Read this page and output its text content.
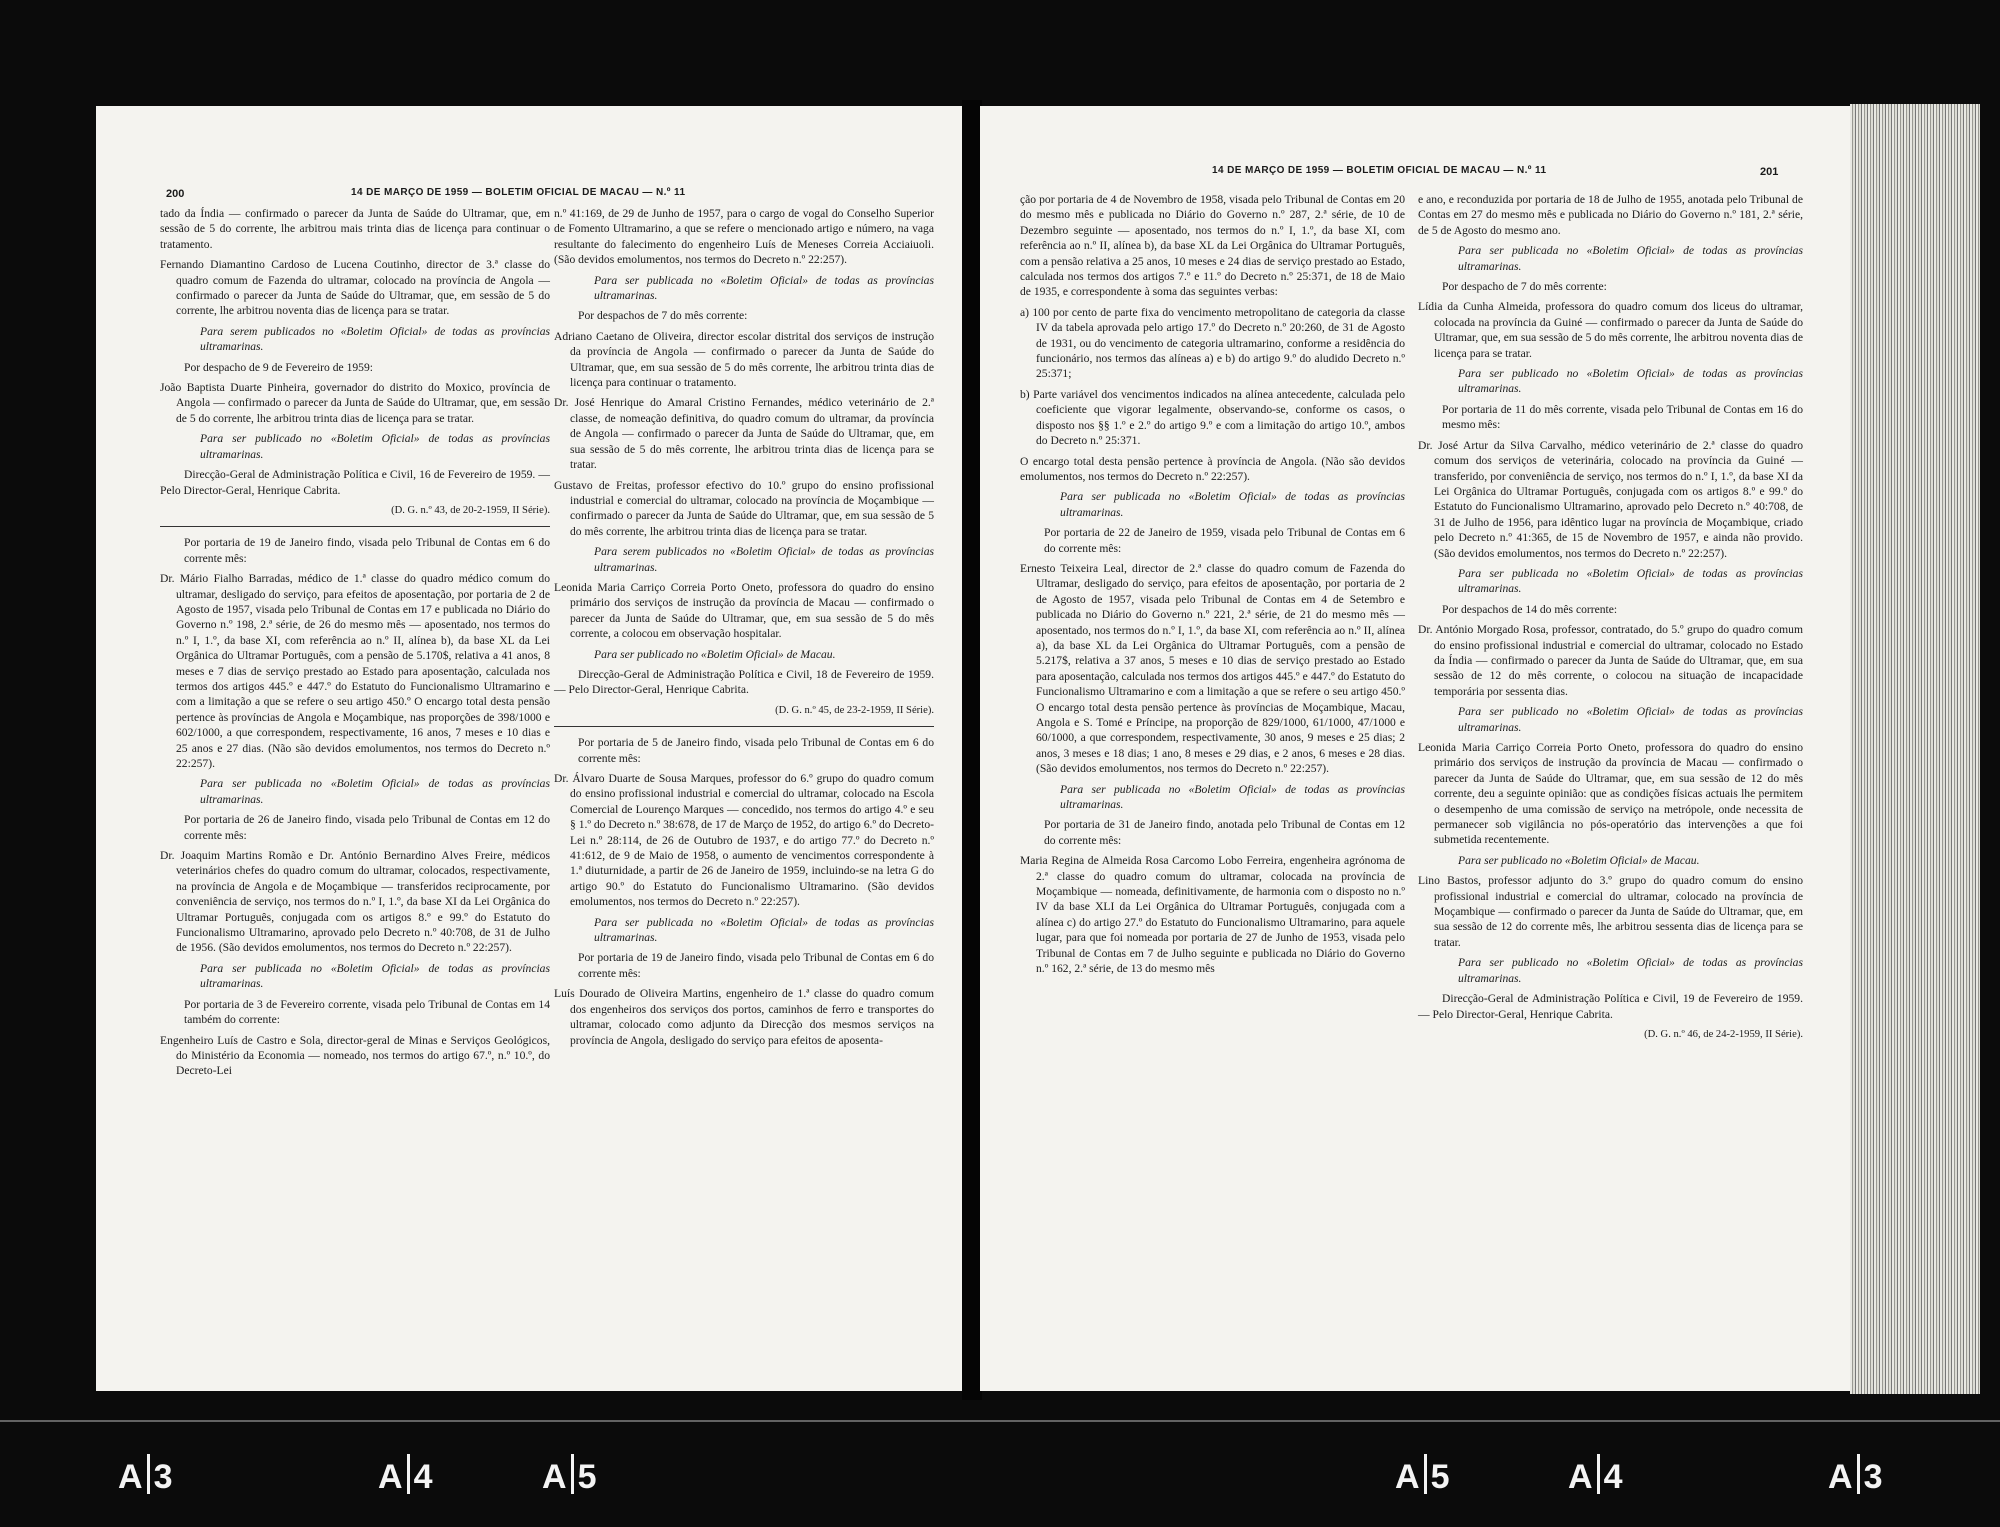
200	14 DE MARÇO DE 1959 — BOLETIM OFICIAL DE MACAU — N.º 11

tado da Índia — confirmado o parecer da Junta de Saúde do Ultramar, que, em sessão de 5 do corrente, lhe arbitrou mais trinta dias de licença para continuar o tratamento.

Fernando Diamantino Cardoso de Lucena Coutinho, director de 3.ª classe do quadro comum de Fazenda do ultramar, colocado na província de Angola — confirmado o parecer da Junta de Saúde do Ultramar, que, em sessão de 5 do corrente, lhe arbitrou noventa dias de licença para se tratar.

Para serem publicados no «Boletim Oficial» de todas as províncias ultramarinas.

Por despacho de 9 de Fevereiro de 1959:

João Baptista Duarte Pinheira, governador do distrito do Moxico, província de Angola — confirmado o parecer da Junta de Saúde do Ultramar, que, em sessão de 5 do corrente, lhe arbitrou trinta dias de licença para se tratar.

Para ser publicado no «Boletim Oficial» de todas as províncias ultramarinas.

Direcção-Geral de Administração Política e Civil, 16 de Fevereiro de 1959. — Pelo Director-Geral, Henrique Cabrita.

(D. G. n.º 43, de 20-2-1959, II Série).

Por portaria de 19 de Janeiro findo, visada pelo Tribunal de Contas em 6 do corrente mês:

Dr. Mário Fialho Barradas, médico de 1.ª classe do quadro médico comum do ultramar, desligado do serviço, para efeitos de aposentação, por portaria de 2 de Agosto de 1957, visada pelo Tribunal de Contas em 17 e publicada no Diário do Governo n.º 198, 2.ª série, de 26 do mesmo mês — aposentado, nos termos do n.º I, 1.º, da base XI, com referência ao n.º II, alínea b), da base XL da Lei Orgânica do Ultramar Português, com a pensão de 5.170$, relativa a 41 anos, 8 meses e 7 dias de serviço prestado ao Estado para aposentação, calculada nos termos dos artigos 445.º e 447.º do Estatuto do Funcionalismo Ultramarino e com a limitação a que se refere o seu artigo 450.º O encargo total desta pensão pertence às províncias de Angola e Moçambique, nas proporções de 398/1000 e 602/1000, a que correspondem, respectivamente, 16 anos, 7 meses e 10 dias e 25 anos e 27 dias. (Não são devidos emolumentos, nos termos do Decreto n.º 22:257).

Para ser publicada no «Boletim Oficial» de todas as províncias ultramarinas.

Por portaria de 26 de Janeiro findo, visada pelo Tribunal de Contas em 12 do corrente mês:

Dr. Joaquim Martins Romão e Dr. António Bernardino Alves Freire, médicos veterinários chefes do quadro comum do ultramar, colocados, respectivamente, na província de Angola e de Moçambique — transferidos reciprocamente, por conveniência de serviço, nos termos do n.º I, 1.º, da base XI da Lei Orgânica do Ultramar Português, conjugada com os artigos 8.º e 99.º do Estatuto do Funcionalismo Ultramarino, aprovado pelo Decreto n.º 40:708, de 31 de Julho de 1956. (São devidos emolumentos, nos termos do Decreto n.º 22:257).

Para ser publicada no «Boletim Oficial» de todas as províncias ultramarinas.

Por portaria de 3 de Fevereiro corrente, visada pelo Tribunal de Contas em 14 também do corrente:

Engenheiro Luís de Castro e Sola, director-geral de Minas e Serviços Geológicos, do Ministério da Economia — nomeado, nos termos do artigo 67.º, n.º 10.º, do Decreto-Lei

n.º 41:169, de 29 de Junho de 1957, para o cargo de vogal do Conselho Superior de Fomento Ultramarino, a que se refere o mencionado artigo e número, na vaga resultante do falecimento do engenheiro Luís de Meneses Correia Acciaiuoli. (São devidos emolumentos, nos termos do Decreto n.º 22:257).

Para ser publicada no «Boletim Oficial» de todas as províncias ultramarinas.

Por despachos de 7 do mês corrente:

Adriano Caetano de Oliveira, director escolar distrital dos serviços de instrução da província de Angola — confirmado o parecer da Junta de Saúde do Ultramar, que, em sua sessão de 5 do mês corrente, lhe arbitrou trinta dias de licença para continuar o tratamento.

Dr. José Henrique do Amaral Cristino Fernandes, médico veterinário de 2.ª classe, de nomeação definitiva, do quadro comum do ultramar, da província de Angola — confirmado o parecer da Junta de Saúde do Ultramar, que, em sua sessão de 5 do mês corrente, lhe arbitrou trinta dias de licença para se tratar.

Gustavo de Freitas, professor efectivo do 10.º grupo do ensino profissional industrial e comercial do ultramar, colocado na província de Moçambique — confirmado o parecer da Junta de Saúde do Ultramar, que, em sua sessão de 5 do mês corrente, lhe arbitrou trinta dias de licença para se tratar.

Para serem publicados no «Boletim Oficial» de todas as províncias ultramarinas.

Leonida Maria Carriço Correia Porto Oneto, professora do quadro do ensino primário dos serviços de instrução da província de Macau — confirmado o parecer da Junta de Saúde do Ultramar, que, em sua sessão de 5 do mês corrente, a colocou em observação hospitalar.

Para ser publicado no «Boletim Oficial» de Macau.

Direcção-Geral de Administração Política e Civil, 18 de Fevereiro de 1959. — Pelo Director-Geral, Henrique Cabrita.

(D. G. n.º 45, de 23-2-1959, II Série).

Por portaria de 5 de Janeiro findo, visada pelo Tribunal de Contas em 6 do corrente mês:

Dr. Álvaro Duarte de Sousa Marques, professor do 6.º grupo do quadro comum do ensino profissional industrial e comercial do ultramar, colocado na Escola Comercial de Lourenço Marques — concedido, nos termos do artigo 4.º e seu § 1.º do Decreto n.º 38:678, de 17 de Março de 1952, do artigo 6.º do Decreto-Lei n.º 28:114, de 26 de Outubro de 1937, e do artigo 77.º do Decreto n.º 41:612, de 9 de Maio de 1958, o aumento de vencimentos correspondente à 1.ª diuturnidade, a partir de 26 de Janeiro de 1959, incluindo-se na letra G do artigo 90.º do Estatuto do Funcionalismo Ultramarino. (São devidos emolumentos, nos termos do Decreto n.º 22:257).

Para ser publicada no «Boletim Oficial» de todas as províncias ultramarinas.

Por portaria de 19 de Janeiro findo, visada pelo Tribunal de Contas em 6 do corrente mês:

Luís Dourado de Oliveira Martins, engenheiro de 1.ª classe do quadro comum dos engenheiros dos serviços dos portos, caminhos de ferro e transportes do ultramar, colocado como adjunto da Direcção dos mesmos serviços na província de Angola, desligado do serviço para efeitos de aposenta-

201
14 DE MARÇO DE 1959 — BOLETIM OFICIAL DE MACAU — N.º 11

ção por portaria de 4 de Novembro de 1958, visada pelo Tribunal de Contas em 20 do mesmo mês e publicada no Diário do Governo n.º 287, 2.ª série, de 10 de Dezembro seguinte — aposentado, nos termos do n.º I, 1.º, da base XI, com referência ao n.º II, alínea b), da base XL da Lei Orgânica do Ultramar Português, com a pensão relativa a 25 anos, 10 meses e 24 dias de serviço prestado ao Estado, calculada nos termos dos artigos 7.º e 11.º do Decreto n.º 25:371, de 18 de Maio de 1935, e correspondente à soma das seguintes verbas:

a) 100 por cento de parte fixa do vencimento metropolitano de categoria da classe IV da tabela aprovada pelo artigo 17.º do Decreto n.º 20:260, de 31 de Agosto de 1931, ou do vencimento de categoria ultramarino, conforme a residência do funcionário, nos termos das alíneas a) e b) do artigo 9.º do aludido Decreto n.º 25:371;

b) Parte variável dos vencimentos indicados na alínea antecedente, calculada pelo coeficiente que vigorar legalmente, observando-se, conforme os casos, o disposto nos §§ 1.º e 2.º do artigo 9.º e com a limitação do artigo 10.º, ambos do Decreto n.º 25:371.

O encargo total desta pensão pertence à província de Angola. (Não são devidos emolumentos, nos termos do Decreto n.º 22:257).

Para ser publicada no «Boletim Oficial» de todas as províncias ultramarinas.

Por portaria de 22 de Janeiro de 1959, visada pelo Tribunal de Contas em 6 do corrente mês:

Ernesto Teixeira Leal, director de 2.ª classe do quadro comum de Fazenda do Ultramar, desligado do serviço, para efeitos de aposentação, por portaria de 2 de Agosto de 1957, visada pelo Tribunal de Contas em 4 de Setembro e publicada no Diário do Governo n.º 221, 2.ª série, de 21 do mesmo mês — aposentado, nos termos do n.º I, 1.º, da base XI, com referência ao n.º II, alínea a), da base XL da Lei Orgânica do Ultramar Português, com a pensão de 5.217$, relativa a 37 anos, 5 meses e 10 dias de serviço prestado ao Estado para aposentação, calculada nos termos dos artigos 445.º e 447.º do Estatuto do Funcionalismo Ultramarino e com a limitação a que se refere o seu artigo 450.º O encargo total desta pensão pertence às províncias de Moçambique, Macau, Angola e S. Tomé e Príncipe, na proporção de 829/1000, 61/1000, 47/1000 e 60/1000, a que correspondem, respectivamente, 30 anos, 9 meses e 25 dias; 2 anos, 3 meses e 18 dias; 1 ano, 8 meses e 29 dias, e 2 anos, 6 meses e 28 dias. (São devidos emolumentos, nos termos do Decreto n.º 22:257).

Para ser publicada no «Boletim Oficial» de todas as províncias ultramarinas.

Por portaria de 31 de Janeiro findo, anotada pelo Tribunal de Contas em 12 do corrente mês:

Maria Regina de Almeida Rosa Carcomo Lobo Ferreira, engenheira agrónoma de 2.ª classe do quadro comum do ultramar, colocada na província de Moçambique — nomeada, definitivamente, de harmonia com o disposto no n.º IV da base XLI da Lei Orgânica do Ultramar Português, conjugada com a alínea c) do artigo 27.º do Estatuto do Funcionalismo Ultramarino, para aquele lugar, para que foi nomeada por portaria de 27 de Junho de 1953, visada pelo Tribunal de Contas em 7 de Julho seguinte e publicada no Diário do Governo n.º 162, 2.ª série, de 13 do mesmo mês

e ano, e reconduzida por portaria de 18 de Julho de 1955, anotada pelo Tribunal de Contas em 27 do mesmo mês e publicada no Diário do Governo n.º 181, 2.ª série, de 5 de Agosto do mesmo ano.

Para ser publicada no «Boletim Oficial» de todas as províncias ultramarinas.

Por despacho de 7 do mês corrente:

Lídia da Cunha Almeida, professora do quadro comum dos liceus do ultramar, colocada na província da Guiné — confirmado o parecer da Junta de Saúde do Ultramar, que, em sua sessão de 5 do mês corrente, lhe arbitrou noventa dias de licença para se tratar.

Para ser publicado no «Boletim Oficial» de todas as províncias ultramarinas.

Por portaria de 11 do mês corrente, visada pelo Tribunal de Contas em 16 do mesmo mês:

Dr. José Artur da Silva Carvalho, médico veterinário de 2.ª classe do quadro comum dos serviços de veterinária, colocado na província da Guiné — transferido, por conveniência de serviço, nos termos do n.º I, 1.º, da base XI da Lei Orgânica do Ultramar Português, conjugada com os artigos 8.º e 99.º do Estatuto do Funcionalismo Ultramarino, aprovado pelo Decreto n.º 40:708, de 31 de Julho de 1956, para idêntico lugar na província de Moçambique, criado pelo Decreto n.º 41:365, de 15 de Novembro de 1957, e ainda não provido. (São devidos emolumentos, nos termos do Decreto n.º 22:257).

Para ser publicada no «Boletim Oficial» de todas as províncias ultramarinas.

Por despachos de 14 do mês corrente:

Dr. António Morgado Rosa, professor, contratado, do 5.º grupo do quadro comum do ensino profissional industrial e comercial do ultramar, colocado no Estado da Índia — confirmado o parecer da Junta de Saúde do Ultramar, que, em sua sessão de 12 do mês corrente, o colocou na situação de incapacidade temporária por sessenta dias.

Para ser publicado no «Boletim Oficial» de todas as províncias ultramarinas.

Leonida Maria Carriço Correia Porto Oneto, professora do quadro do ensino primário dos serviços de instrução da província de Macau — confirmado o parecer da Junta de Saúde do Ultramar, que, em sua sessão de 12 do mês corrente, deu a seguinte opinião: que as condições físicas actuais lhe permitem o desempenho de uma comissão de serviço na metrópole, onde necessita de permanecer sob vigilância no pós-operatório das intervenções a que foi submetida recentemente.

Para ser publicado no «Boletim Oficial» de Macau.

Lino Bastos, professor adjunto do 3.º grupo do quadro comum do ensino profissional industrial e comercial do ultramar, colocado na província de Moçambique — confirmado o parecer da Junta de Saúde do Ultramar, que, em sua sessão de 12 do corrente mês, lhe arbitrou sessenta dias de licença para se tratar.

Para ser publicado no «Boletim Oficial» de todas as províncias ultramarinas.

Direcção-Geral de Administração Política e Civil, 19 de Fevereiro de 1959. — Pelo Director-Geral, Henrique Cabrita.

(D. G. n.º 46, de 24-2-1959, II Série).

A 3	A 4	A 5	A 5	A 4	A 3
